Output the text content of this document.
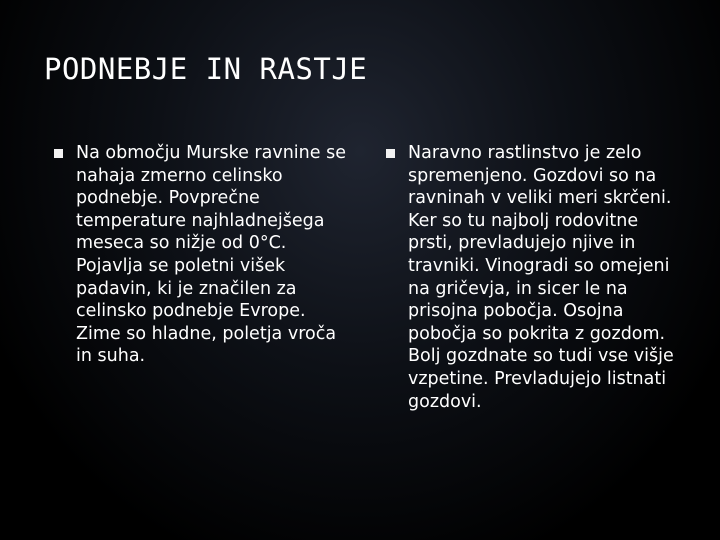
PODNEBJE IN RASTJE
Na območju Murske ravnine se nahaja zmerno celinsko podnebje. Povprečne temperature najhladnejšega meseca so nižje od 0°C. Pojavlja se poletni višek padavin, ki je značilen za celinsko podnebje Evrope. Zime so hladne, poletja vroča in suha.
Naravno rastlinstvo je zelo spremenjeno. Gozdovi so na ravninah v veliki meri skrčeni. Ker so tu najbolj rodovitne prsti, prevladujejo njive in travniki. Vinogradi so omejeni na gričevja, in sicer le na prisojna pobočja. Osojna pobočja so pokrita z gozdom. Bolj gozdnate so tudi vse višje vzpetine. Prevladujejo listnati gozdovi.
